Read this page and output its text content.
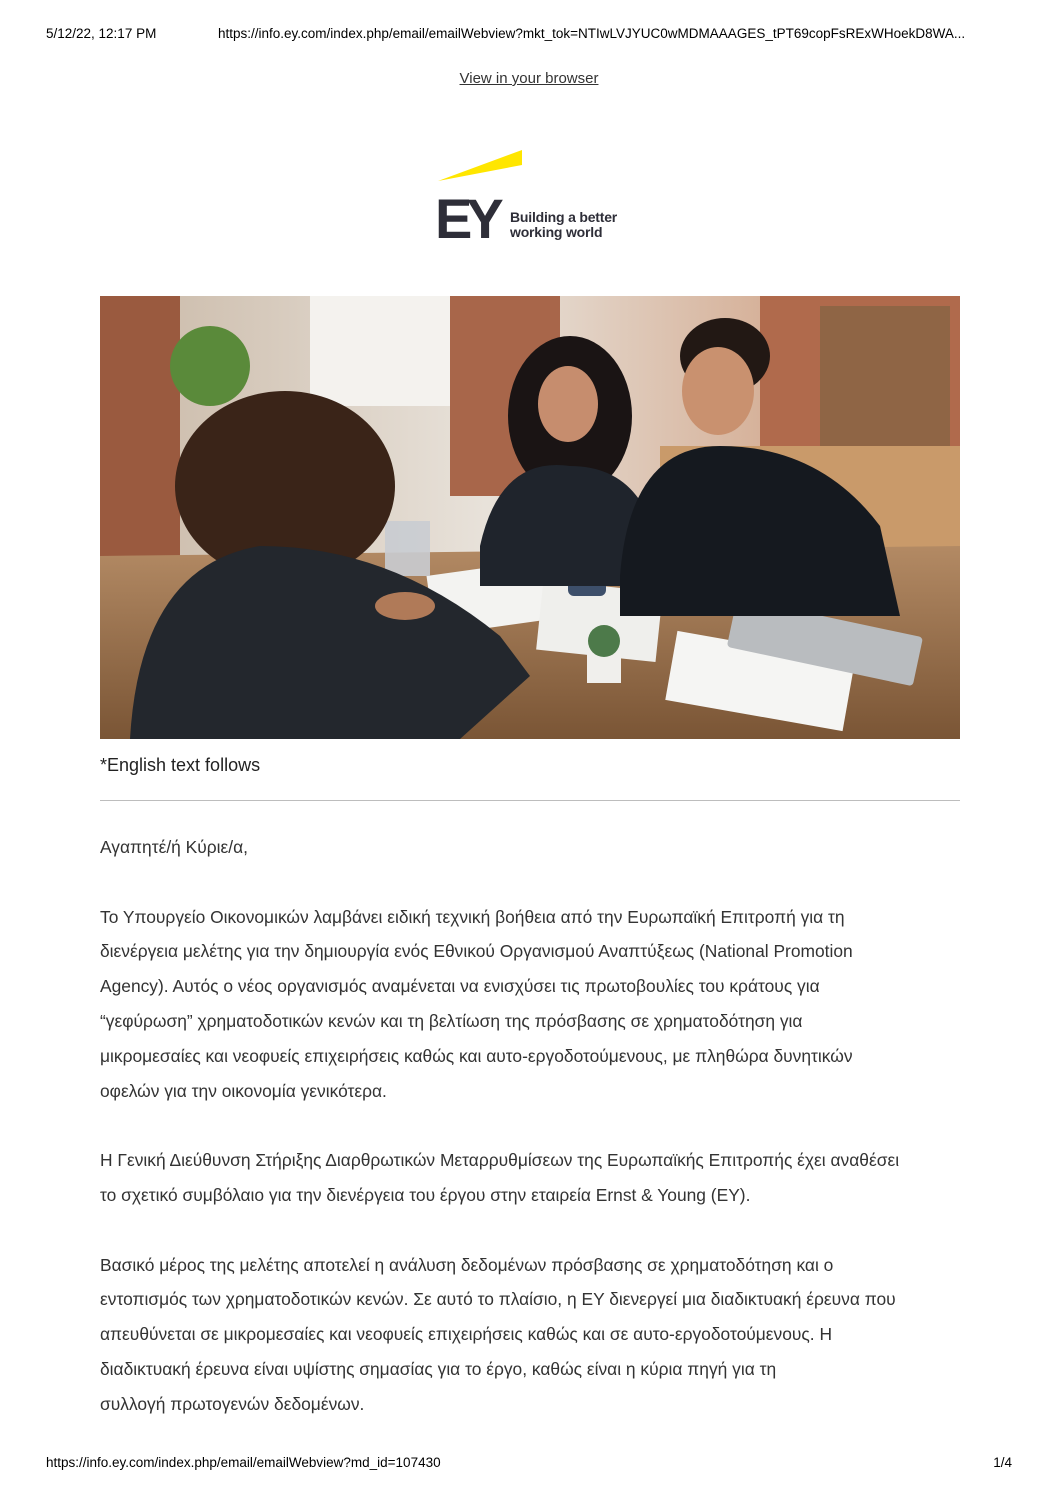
5/12/22, 12:17 PM	https://info.ey.com/index.php/email/emailWebview?mkt_tok=NTIwLVJYUC0wMDMAAAGES_tPT69copFsRExWHoekD8WA...
View in your browser
EY Building a better
working world
*English text follows

Αγαπητέ/ή Κύριε/α,

Το Υπουργείο Οικονομικών λαμβάνει ειδική τεχνική βοήθεια από την Ευρωπαϊκή Επιτροπή για τη
διενέργεια μελέτης για την δημιουργία ενός Εθνικού Οργανισμού Αναπτύξεως (National Promotion
Agency). Αυτός ο νέος οργανισμός αναμένεται να ενισχύσει τις πρωτοβουλίες του κράτους για
“γεφύρωση” χρηματοδοτικών κενών και τη βελτίωση της πρόσβασης σε χρηματοδότηση για
μικρομεσαίες και νεοφυείς επιχειρήσεις καθώς και αυτο-εργοδοτούμενους, με πληθώρα δυνητικών
οφελών για την οικονομία γενικότερα.

Η Γενική Διεύθυνση Στήριξης Διαρθρωτικών Μεταρρυθμίσεων της Ευρωπαϊκής Επιτροπής έχει αναθέσει
το σχετικό συμβόλαιο για την διενέργεια του έργου στην εταιρεία Ernst & Young (EY).

Βασικό μέρος της μελέτης αποτελεί η ανάλυση δεδομένων πρόσβασης σε χρηματοδότηση και ο
εντοπισμός των χρηματοδοτικών κενών. Σε αυτό το πλαίσιο, η EY διενεργεί μια διαδικτυακή έρευνα που
απευθύνεται σε μικρομεσαίες και νεοφυείς επιχειρήσεις καθώς και σε αυτο-εργοδοτούμενους. Η
διαδικτυακή έρευνα είναι υψίστης σημασίας για το έργο, καθώς είναι η κύρια πηγή για τη
συλλογή πρωτογενών δεδομένων.

https://info.ey.com/index.php/email/emailWebview?md_id=107430	1/4
